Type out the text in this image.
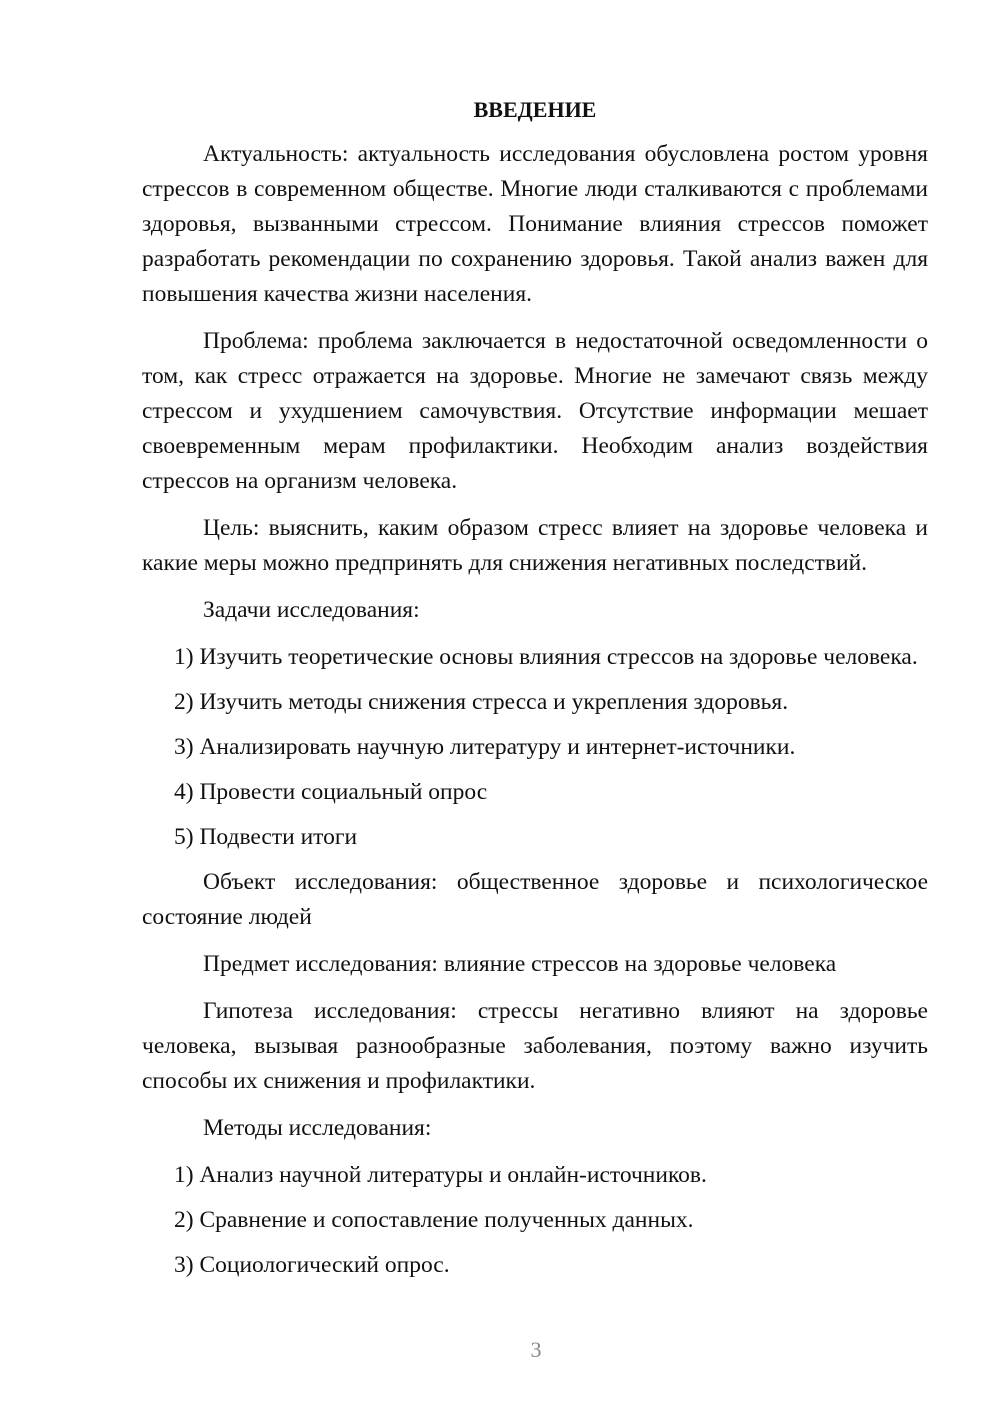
ВВЕДЕНИЕ

Актуальность: актуальность исследования обусловлена ростом уровня стрессов в современном обществе. Многие люди сталкиваются с проблемами здоровья, вызванными стрессом. Понимание влияния стрессов поможет разработать рекомендации по сохранению здоровья. Такой анализ важен для повышения качества жизни населения.

Проблема: проблема заключается в недостаточной осведомленности о том, как стресс отражается на здоровье. Многие не замечают связь между стрессом и ухудшением самочувствия. Отсутствие информации мешает своевременным мерам профилактики. Необходим анализ воздействия стрессов на организм человека.

Цель: выяснить, каким образом стресс влияет на здоровье человека и какие меры можно предпринять для снижения негативных последствий.

Задачи исследования:

1) Изучить теоретические основы влияния стрессов на здоровье человека.

2) Изучить методы снижения стресса и укрепления здоровья.

3) Анализировать научную литературу и интернет-источники.

4) Провести социальный опрос

5) Подвести итоги

Объект исследования: общественное здоровье и психологическое состояние людей

Предмет исследования: влияние стрессов на здоровье человека

Гипотеза исследования: стрессы негативно влияют на здоровье человека, вызывая разнообразные заболевания, поэтому важно изучить способы их снижения и профилактики.

Методы исследования:

1) Анализ научной литературы и онлайн-источников.

2) Сравнение и сопоставление полученных данных.

3) Социологический опрос.

3
